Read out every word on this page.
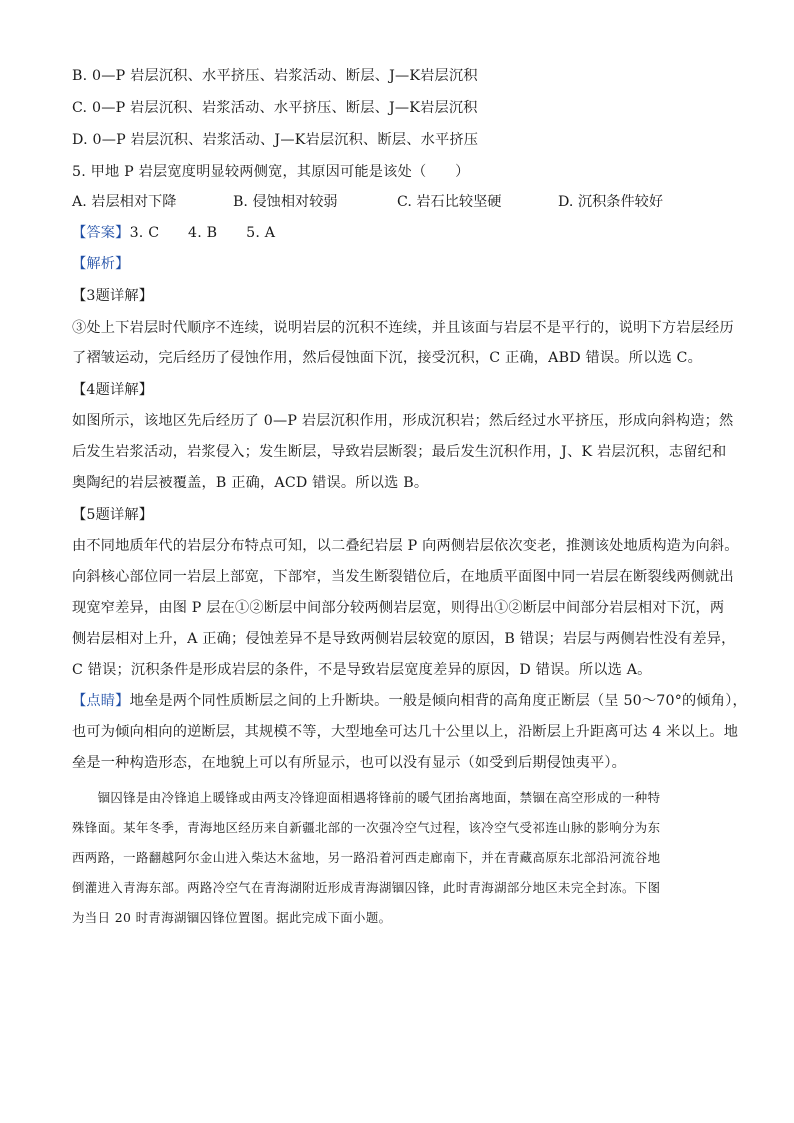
B. 0—P 岩层沉积、水平挤压、岩浆活动、断层、J—K岩层沉积
C. 0—P 岩层沉积、岩浆活动、水平挤压、断层、J—K岩层沉积
D. 0—P 岩层沉积、岩浆活动、J—K岩层沉积、断层、水平挤压
5. 甲地 P 岩层宽度明显较两侧宽，其原因可能是该处（　　）
A. 岩层相对下降	B. 侵蚀相对较弱	C. 岩石比较坚硬	D. 沉积条件较好
【答案】3. C　　4. B　　5. A
【解析】
【3题详解】
③处上下岩层时代顺序不连续，说明岩层的沉积不连续，并且该面与岩层不是平行的，说明下方岩层经历
了褶皱运动，完后经历了侵蚀作用，然后侵蚀面下沉，接受沉积，C 正确，ABD 错误。所以选 C。
【4题详解】
如图所示，该地区先后经历了 0—P 岩层沉积作用，形成沉积岩；然后经过水平挤压，形成向斜构造；然
后发生岩浆活动，岩浆侵入；发生断层，导致岩层断裂；最后发生沉积作用，J、K 岩层沉积，志留纪和
奥陶纪的岩层被覆盖，B 正确，ACD 错误。所以选 B。
【5题详解】
由不同地质年代的岩层分布特点可知，以二叠纪岩层 P 向两侧岩层依次变老，推测该处地质构造为向斜。
向斜核心部位同一岩层上部宽，下部窄，当发生断裂错位后，在地质平面图中同一岩层在断裂线两侧就出
现宽窄差异，由图 P 层在①②断层中间部分较两侧岩层宽，则得出①②断层中间部分岩层相对下沉，两
侧岩层相对上升，A 正确；侵蚀差异不是导致两侧岩层较宽的原因，B 错误；岩层与两侧岩性没有差异，
C 错误；沉积条件是形成岩层的条件，不是导致岩层宽度差异的原因，D 错误。所以选 A。
【点睛】地垒是两个同性质断层之间的上升断块。一般是倾向相背的高角度正断层（呈 50～70°的倾角），
也可为倾向相向的逆断层，其规模不等，大型地垒可达几十公里以上，沿断层上升距离可达 4 米以上。地
垒是一种构造形态，在地貌上可以有所显示，也可以没有显示（如受到后期侵蚀夷平）。
　　锢囚锋是由冷锋追上暖锋或由两支冷锋迎面相遇将锋前的暖气团抬离地面，禁锢在高空形成的一种特
殊锋面。某年冬季，青海地区经历来自新疆北部的一次强冷空气过程，该冷空气受祁连山脉的影响分为东
西两路，一路翻越阿尔金山进入柴达木盆地，另一路沿着河西走廊南下，并在青藏高原东北部沿河流谷地
倒灌进入青海东部。两路冷空气在青海湖附近形成青海湖锢囚锋，此时青海湖部分地区未完全封冻。下图
为当日 20 时青海湖锢囚锋位置图。据此完成下面小题。
